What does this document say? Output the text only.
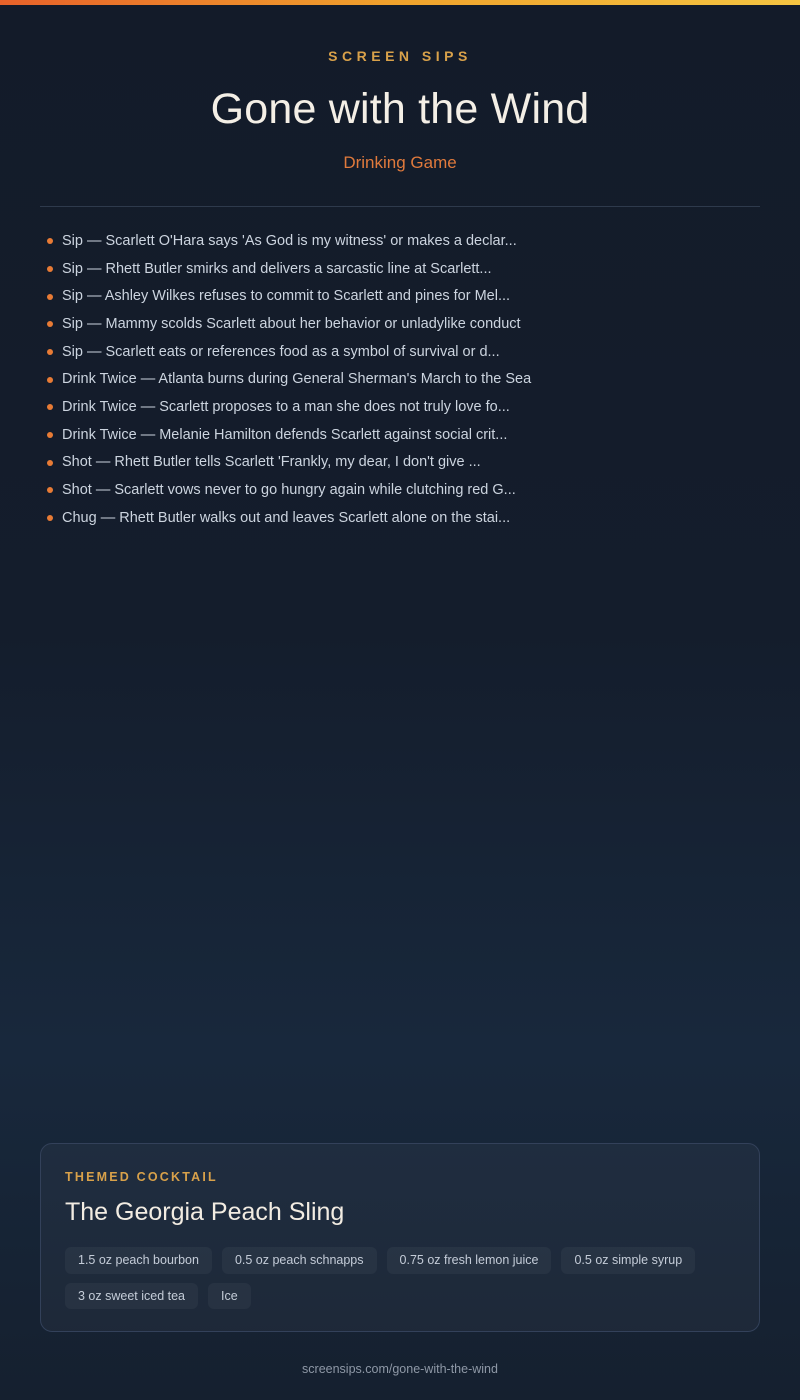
SCREEN SIPS
Gone with the Wind
Drinking Game
Sip — Scarlett O'Hara says 'As God is my witness' or makes a declar...
Sip — Rhett Butler smirks and delivers a sarcastic line at Scarlett...
Sip — Ashley Wilkes refuses to commit to Scarlett and pines for Mel...
Sip — Mammy scolds Scarlett about her behavior or unladylike conduct
Sip — Scarlett eats or references food as a symbol of survival or d...
Drink Twice — Atlanta burns during General Sherman's March to the Sea
Drink Twice — Scarlett proposes to a man she does not truly love fo...
Drink Twice — Melanie Hamilton defends Scarlett against social crit...
Shot — Rhett Butler tells Scarlett 'Frankly, my dear, I don't give ...
Shot — Scarlett vows never to go hungry again while clutching red G...
Chug — Rhett Butler walks out and leaves Scarlett alone on the stai...
THEMED COCKTAIL
The Georgia Peach Sling
1.5 oz peach bourbon	0.5 oz peach schnapps	0.75 oz fresh lemon juice	0.5 oz simple syrup
3 oz sweet iced tea	Ice
screensips.com/gone-with-the-wind
